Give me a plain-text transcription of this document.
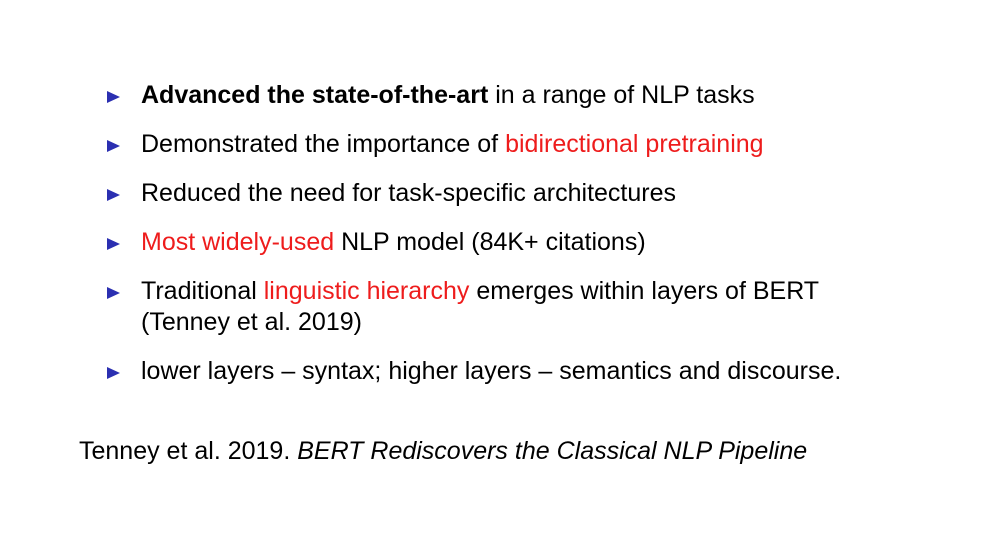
Advanced the state-of-the-art in a range of NLP tasks
Demonstrated the importance of bidirectional pretraining
Reduced the need for task-specific architectures
Most widely-used NLP model (84K+ citations)
Traditional linguistic hierarchy emerges within layers of BERT
(Tenney et al. 2019)
lower layers – syntax; higher layers – semantics and discourse.
Tenney et al. 2019. BERT Rediscovers the Classical NLP Pipeline
